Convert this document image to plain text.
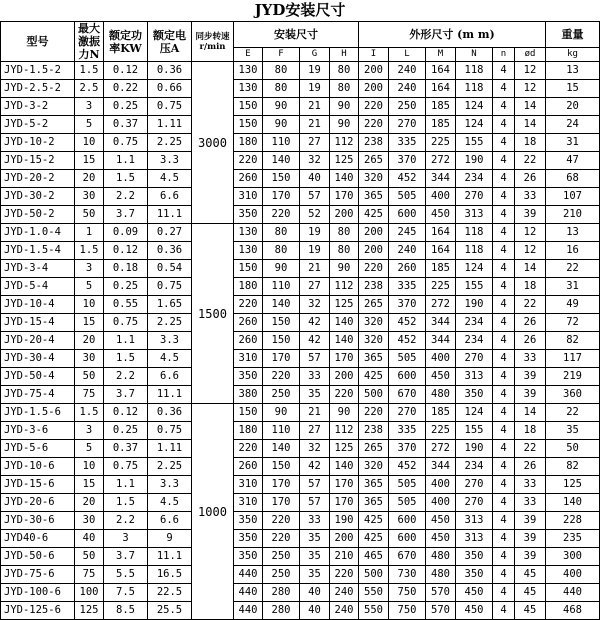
JYD安装尺寸
型号	最大激振力N	额定功率KW	额定电压A	同步转速r/min	安装尺寸				外形尺寸 (m m)						重量
					E	F	G	H	I	L	M	N	n	ød	kg
JYD-1.5-2	1.5	0.12	0.36	3000	130	80	19	80	200	240	164	118	4	12	13
JYD-2.5-2	2.5	0.22	0.66		130	80	19	80	200	240	164	118	4	12	15
JYD-3-2	3	0.25	0.75		150	90	21	90	220	250	185	124	4	14	20
JYD-5-2	5	0.37	1.11		150	90	21	90	220	270	185	124	4	14	24
JYD-10-2	10	0.75	2.25		180	110	27	112	238	335	225	155	4	18	31
JYD-15-2	15	1.1	3.3		220	140	32	125	265	370	272	190	4	22	47
JYD-20-2	20	1.5	4.5		260	150	40	140	320	452	344	234	4	26	68
JYD-30-2	30	2.2	6.6		310	170	57	170	365	505	400	270	4	33	107
JYD-50-2	50	3.7	11.1		350	220	52	200	425	600	450	313	4	39	210
JYD-1.0-4	1	0.09	0.27	1500	130	80	19	80	200	245	164	118	4	12	13
JYD-1.5-4	1.5	0.12	0.36		130	80	19	80	200	240	164	118	4	12	16
JYD-3-4	3	0.18	0.54		150	90	21	90	220	260	185	124	4	14	22
JYD-5-4	5	0.25	0.75		180	110	27	112	238	335	225	155	4	18	31
JYD-10-4	10	0.55	1.65		220	140	32	125	265	370	272	190	4	22	49
JYD-15-4	15	0.75	2.25		260	150	42	140	320	452	344	234	4	26	72
JYD-20-4	20	1.1	3.3		260	150	42	140	320	452	344	234	4	26	82
JYD-30-4	30	1.5	4.5		310	170	57	170	365	505	400	270	4	33	117
JYD-50-4	50	2.2	6.6		350	220	33	200	425	600	450	313	4	39	219
JYD-75-4	75	3.7	11.1		380	250	35	220	500	670	480	350	4	39	360
JYD-1.5-6	1.5	0.12	0.36	1000	150	90	21	90	220	270	185	124	4	14	22
JYD-3-6	3	0.25	0.75		180	110	27	112	238	335	225	155	4	18	35
JYD-5-6	5	0.37	1.11		220	140	32	125	265	370	272	190	4	22	50
JYD-10-6	10	0.75	2.25		260	150	42	140	320	452	344	234	4	26	82
JYD-15-6	15	1.1	3.3		310	170	57	170	365	505	400	270	4	33	125
JYD-20-6	20	1.5	4.5		310	170	57	170	365	505	400	270	4	33	140
JYD-30-6	30	2.2	6.6		350	220	33	190	425	600	450	313	4	39	228
JYD40-6	40	3	9		350	220	35	200	425	600	450	313	4	39	235
JYD-50-6	50	3.7	11.1		350	250	35	210	465	670	480	350	4	39	300
JYD-75-6	75	5.5	16.5		440	250	35	220	500	730	480	350	4	45	400
JYD-100-6	100	7.5	22.5		440	280	40	240	550	750	570	450	4	45	440
JYD-125-6	125	8.5	25.5		440	280	40	240	550	750	570	450	4	45	468
